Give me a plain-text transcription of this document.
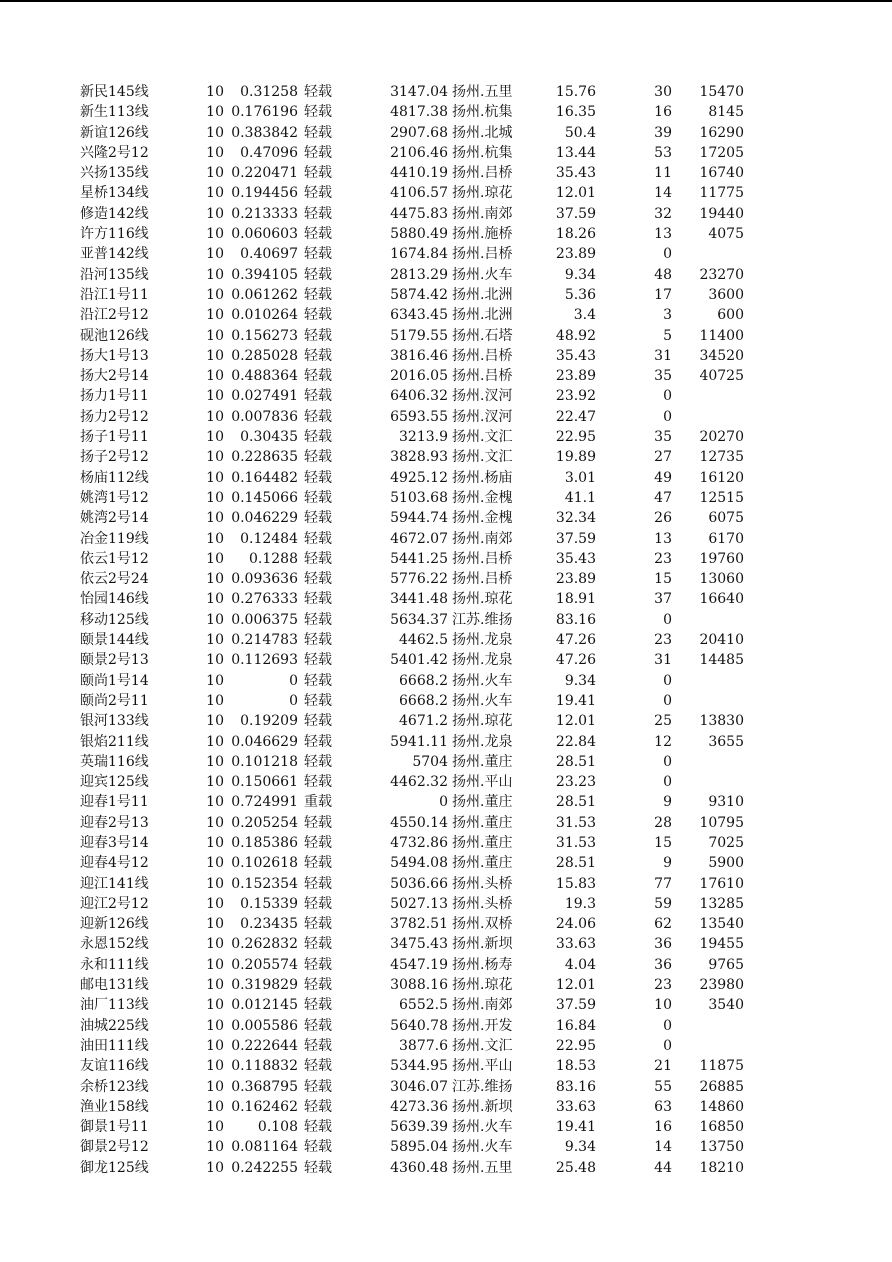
新民145线	10	0.31258 轻载	3147.04 扬州.五里	15.76	30	15470
新生113线	10 0.176196 轻载	4817.38 扬州.杭集	16.35	16	8145
新谊126线	10 0.383842 轻载	2907.68 扬州.北城	50.4	39	16290
兴隆2号12	10	0.47096 轻载	2106.46 扬州.杭集	13.44	53	17205
兴扬135线	10 0.220471 轻载	4410.19 扬州.吕桥	35.43	11	16740
星桥134线	10 0.194456 轻载	4106.57 扬州.琼花	12.01	14	11775
修造142线	10 0.213333 轻载	4475.83 扬州.南郊	37.59	32	19440
许方116线	10 0.060603 轻载	5880.49 扬州.施桥	18.26	13	4075
亚普142线	10	0.40697 轻载	1674.84 扬州.吕桥	23.89	0
沿河135线	10 0.394105 轻载	2813.29 扬州.火车	9.34	48	23270
沿江1号11	10 0.061262 轻载	5874.42 扬州.北洲	5.36	17	3600
沿江2号12	10 0.010264 轻载	6343.45 扬州.北洲	3.4	3	600
砚池126线	10 0.156273 轻载	5179.55 扬州.石塔	48.92	5	11400
扬大1号13	10 0.285028 轻载	3816.46 扬州.吕桥	35.43	31	34520
扬大2号14	10 0.488364 轻载	2016.05 扬州.吕桥	23.89	35	40725
扬力1号11	10 0.027491 轻载	6406.32 扬州.汊河	23.92	0
扬力2号12	10 0.007836 轻载	6593.55 扬州.汊河	22.47	0
扬子1号11	10	0.30435 轻载	3213.9 扬州.文汇	22.95	35	20270
扬子2号12	10 0.228635 轻载	3828.93 扬州.文汇	19.89	27	12735
杨庙112线	10 0.164482 轻载	4925.12 扬州.杨庙	3.01	49	16120
姚湾1号12	10 0.145066 轻载	5103.68 扬州.金槐	41.1	47	12515
姚湾2号14	10 0.046229 轻载	5944.74 扬州.金槐	32.34	26	6075
冶金119线	10	0.12484 轻载	4672.07 扬州.南郊	37.59	13	6170
依云1号12	10	0.1288 轻载	5441.25 扬州.吕桥	35.43	23	19760
依云2号24	10 0.093636 轻载	5776.22 扬州.吕桥	23.89	15	13060
怡园146线	10 0.276333 轻载	3441.48 扬州.琼花	18.91	37	16640
移动125线	10 0.006375 轻载	5634.37 江苏.维扬	83.16	0
颐景144线	10 0.214783 轻载	4462.5 扬州.龙泉	47.26	23	20410
颐景2号13	10 0.112693 轻载	5401.42 扬州.龙泉	47.26	31	14485
颐尚1号14	10	0 轻载	6668.2 扬州.火车	9.34	0
颐尚2号11	10	0 轻载	6668.2 扬州.火车	19.41	0
银河133线	10	0.19209 轻载	4671.2 扬州.琼花	12.01	25	13830
银焰211线	10 0.046629 轻载	5941.11 扬州.龙泉	22.84	12	3655
英瑞116线	10 0.101218 轻载	5704 扬州.董庄	28.51	0
迎宾125线	10 0.150661 轻载	4462.32 扬州.平山	23.23	0
迎春1号11	10 0.724991 重载	0 扬州.董庄	28.51	9	9310
迎春2号13	10 0.205254 轻载	4550.14 扬州.董庄	31.53	28	10795
迎春3号14	10 0.185386 轻载	4732.86 扬州.董庄	31.53	15	7025
迎春4号12	10 0.102618 轻载	5494.08 扬州.董庄	28.51	9	5900
迎江141线	10 0.152354 轻载	5036.66 扬州.头桥	15.83	77	17610
迎江2号12	10	0.15339 轻载	5027.13 扬州.头桥	19.3	59	13285
迎新126线	10	0.23435 轻载	3782.51 扬州.双桥	24.06	62	13540
永恩152线	10 0.262832 轻载	3475.43 扬州.新坝	33.63	36	19455
永和111线	10 0.205574 轻载	4547.19 扬州.杨寿	4.04	36	9765
邮电131线	10 0.319829 轻载	3088.16 扬州.琼花	12.01	23	23980
油厂113线	10 0.012145 轻载	6552.5 扬州.南郊	37.59	10	3540
油城225线	10 0.005586 轻载	5640.78 扬州.开发	16.84	0
油田111线	10 0.222644 轻载	3877.6 扬州.文汇	22.95	0
友谊116线	10 0.118832 轻载	5344.95 扬州.平山	18.53	21	11875
余桥123线	10 0.368795 轻载	3046.07 江苏.维扬	83.16	55	26885
渔业158线	10 0.162462 轻载	4273.36 扬州.新坝	33.63	63	14860
御景1号11	10	0.108 轻载	5639.39 扬州.火车	19.41	16	16850
御景2号12	10 0.081164 轻载	5895.04 扬州.火车	9.34	14	13750
御龙125线	10 0.242255 轻载	4360.48 扬州.五里	25.48	44	18210
